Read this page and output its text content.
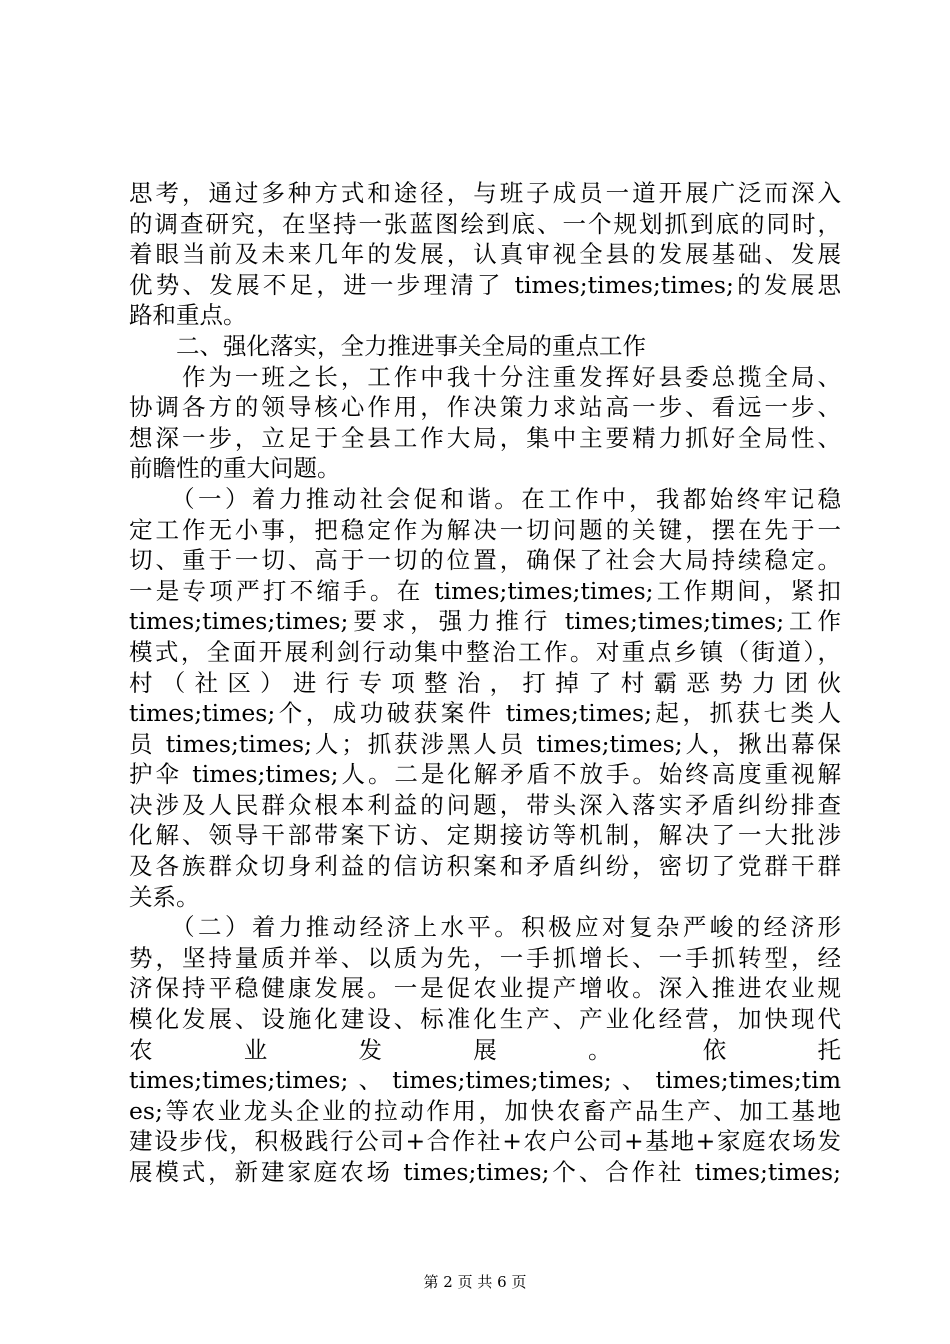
思考，通过多种方式和途径，与班子成员一道开展广泛而深入
的调查研究，在坚持一张蓝图绘到底、一个规划抓到底的同时，
着眼当前及未来几年的发展，认真审视全县的发展基础、发展
优势、发展不足，进一步理清了 times;times;times;的发展思
路和重点。
　　二、强化落实，全力推进事关全局的重点工作
　　作为一班之长，工作中我十分注重发挥好县委总揽全局、
协调各方的领导核心作用，作决策力求站高一步、看远一步、
想深一步，立足于全县工作大局，集中主要精力抓好全局性、
前瞻性的重大问题。
　　（一）着力推动社会促和谐。在工作中，我都始终牢记稳
定工作无小事，把稳定作为解决一切问题的关键，摆在先于一
切、重于一切、高于一切的位置，确保了社会大局持续稳定。
一是专项严打不缩手。在 times;times;times;工作期间，紧扣
times;times;times;要求，强力推行 times;times;times;工作
模式，全面开展利剑行动集中整治工作。对重点乡镇（街道），
村 （ 社 区 ） 进 行 专 项 整 治 ， 打 掉 了 村 霸 恶 势 力 团 伙
times;times;个，成功破获案件 times;times;起，抓获七类人
员 times;times;人；抓获涉黑人员 times;times;人，揪出幕保
护伞 times;times;人。二是化解矛盾不放手。始终高度重视解
决涉及人民群众根本利益的问题，带头深入落实矛盾纠纷排查
化解、领导干部带案下访、定期接访等机制，解决了一大批涉
及各族群众切身利益的信访积案和矛盾纠纷，密切了党群干群
关系。
　　（二）着力推动经济上水平。积极应对复杂严峻的经济形
势，坚持量质并举、以质为先，一手抓增长、一手抓转型，经
济保持平稳健康发展。一是促农业提产增收。深入推进农业规
模化发展、设施化建设、标准化生产、产业化经营，加快现代
农 业 发 展 。 依 托
times;times;times;、times;times;times;、times;times;tim
es;等农业龙头企业的拉动作用，加快农畜产品生产、加工基地
建设步伐，积极践行公司+合作社+农户公司+基地+家庭农场发
展模式，新建家庭农场 times;times;个、合作社 times;times;
第 2 页 共 6 页
